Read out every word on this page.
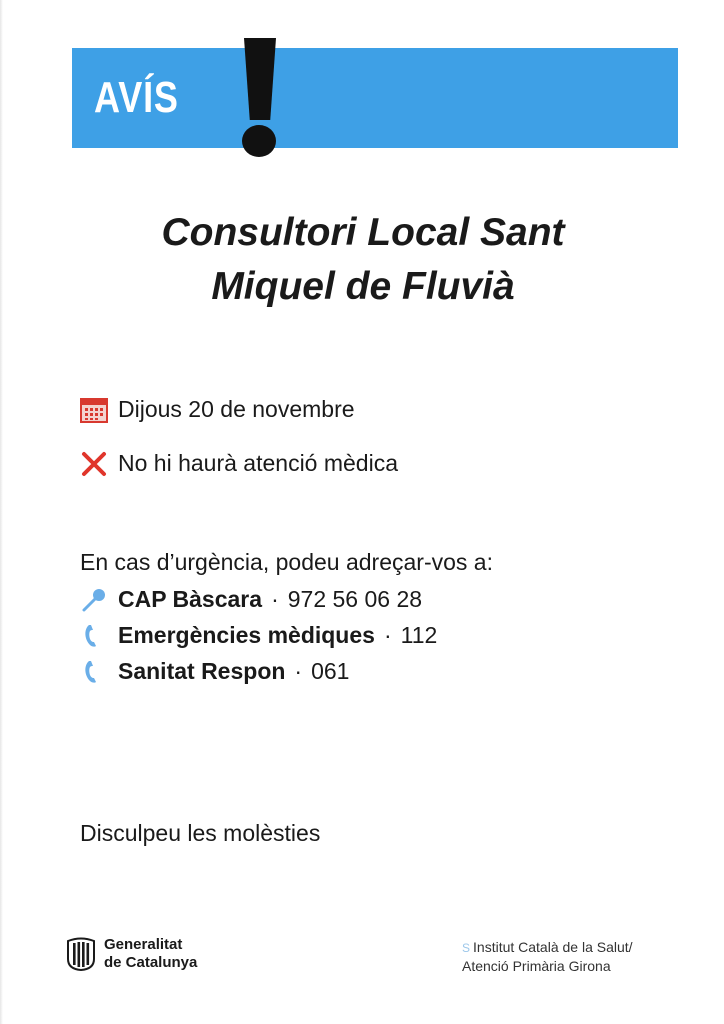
AVÍS
Consultori Local Sant
Miquel de Fluvià
Dijous 20 de novembre
No hi haurà atenció mèdica
En cas d’urgència, podeu adreçar-vos a:
CAP Bàscara · 972 56 06 28
Emergències mèdiques · 112
Sanitat Respon · 061
Disculpeu les molèsties
Generalitat
de Catalunya
S Institut Català de la Salut/
Atenció Primària Girona
